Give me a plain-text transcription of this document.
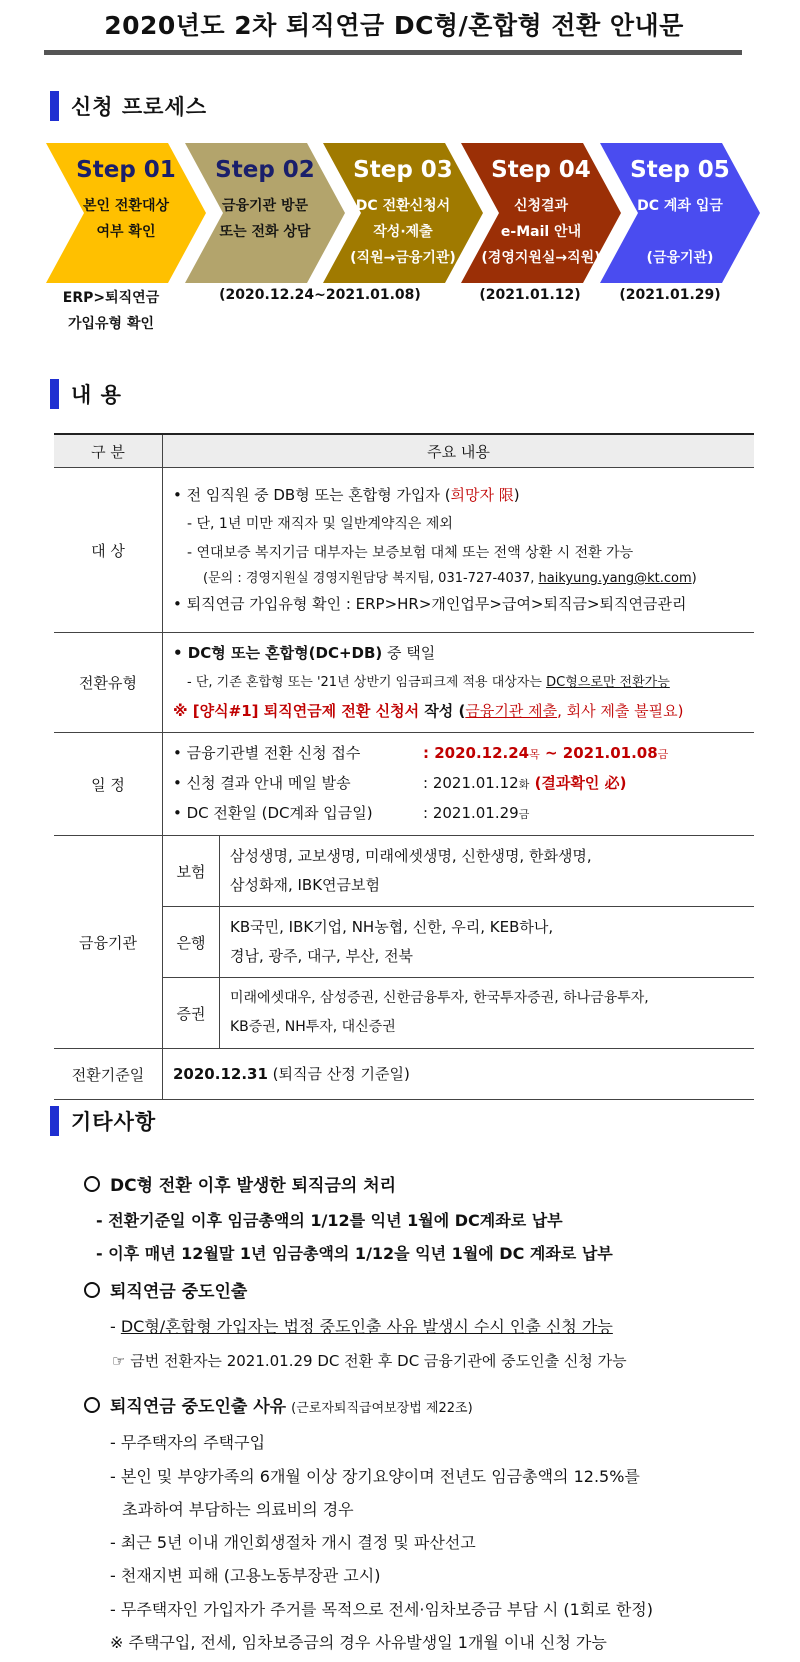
2020년도 2차 퇴직연금 DC형/혼합형 전환 안내문
신청 프로세스
Step 01
본인 전환대상
여부 확인
Step 02
금융기관 방문
또는 전화 상담
Step 03
DC 전환신청서
작성·제출
(직원→금융기관)
Step 04
신청결과
e-Mail 안내
(경영지원실→직원)
Step 05
DC 계좌 입금
(금융기관)
ERP>퇴직연금
가입유형 확인
(2020.12.24~2021.01.08)	(2021.01.12)	(2021.01.29)
내 용
구 분	주요 내용	
대 상	• 전 임직원 중 DB형 또는 혼합형 가입자 (희망자 限)
- 단, 1년 미만 재직자 및 일반계약직은 제외
- 연대보증 복지기금 대부자는 보증보험 대체 또는 전액 상환 시 전환 가능
(문의 : 경영지원실 경영지원담당 복지팀, 031-727-4037, haikyung.yang@kt.com)
• 퇴직연금 가입유형 확인 : ERP>HR>개인업무>급여>퇴직금>퇴직연금관리	

전환유형	• DC형 또는 혼합형(DC+DB) 중 택일
- 단, 기존 혼합형 또는 '21년 상반기 임금피크제 적용 대상자는 DC형으로만 전환가능
※ [양식#1] 퇴직연금제 전환 신청서 작성 (금융기관 제출, 회사 제출 불필요)	

일 정	• 금융기관별 전환 신청 접수 : 2020.12.24목 ~ 2021.01.08금
• 신청 결과 안내 메일 발송 : 2021.01.12화 (결과확인 必)
• DC 전환일 (DC계좌 입금일) : 2021.01.29금	

금융기관	보험	삼성생명, 교보생명, 미래에셋생명, 신한생명, 한화생명,
삼성화재, IBK연금보험

	은행	KB국민, IBK기업, NH농협, 신한, 우리, KEB하나,
경남, 광주, 대구, 부산, 전북

	증권	미래에셋대우, 삼성증권, 신한금융투자, 한국투자증권, 하나금융투자,
KB증권, NH투자, 대신증권

전환기준일	2020.12.31 (퇴직금 산정 기준일)	
기타사항
DC형 전환 이후 발생한 퇴직금의 처리
- 전환기준일 이후 임금총액의 1/12를 익년 1월에 DC계좌로 납부
- 이후 매년 12월말 1년 임금총액의 1/12을 익년 1월에 DC 계좌로 납부
퇴직연금 중도인출
- DC형/혼합형 가입자는 법정 중도인출 사유 발생시 수시 인출 신청 가능
☞ 금번 전환자는 2021.01.29 DC 전환 후 DC 금융기관에 중도인출 신청 가능
퇴직연금 중도인출 사유 (근로자퇴직급여보장법 제22조)
- 무주택자의 주택구입
- 본인 및 부양가족의 6개월 이상 장기요양이며 전년도 임금총액의 12.5%를
초과하여 부담하는 의료비의 경우
- 최근 5년 이내 개인회생절차 개시 결정 및 파산선고
- 천재지변 피해 (고용노동부장관 고시)
- 무주택자인 가입자가 주거를 목적으로 전세·임차보증금 부담 시 (1회로 한정)
※ 주택구입, 전세, 임차보증금의 경우 사유발생일 1개월 이내 신청 가능
